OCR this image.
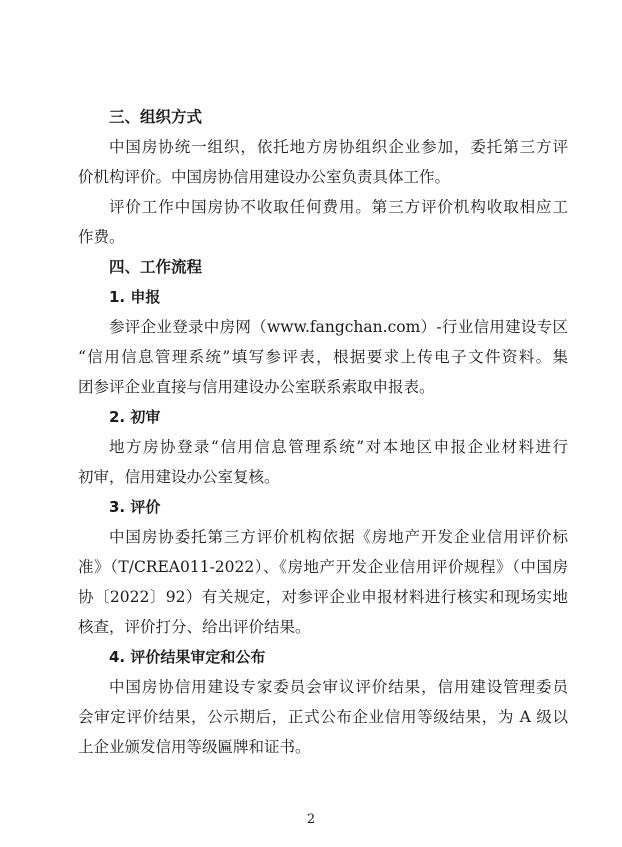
三、组织方式
中国房协统一组织，依托地方房协组织企业参加，委托第三方评
价机构评价。中国房协信用建设办公室负责具体工作。
评价工作中国房协不收取任何费用。第三方评价机构收取相应工
作费。
四、工作流程
1. 申报
参评企业登录中房网（www.fangchan.com）-行业信用建设专区
“信用信息管理系统”填写参评表，根据要求上传电子文件资料。集
团参评企业直接与信用建设办公室联系索取申报表。
2. 初审
地方房协登录“信用信息管理系统”对本地区申报企业材料进行
初审，信用建设办公室复核。
3. 评价
中国房协委托第三方评价机构依据《房地产开发企业信用评价标
准》（T/CREA011-2022）、《房地产开发企业信用评价规程》（中国房
协〔2022〕92）有关规定，对参评企业申报材料进行核实和现场实地
核查，评价打分、给出评价结果。
4. 评价结果审定和公布
中国房协信用建设专家委员会审议评价结果，信用建设管理委员
会审定评价结果，公示期后，正式公布企业信用等级结果，为 A 级以
上企业颁发信用等级匾牌和证书。
2
